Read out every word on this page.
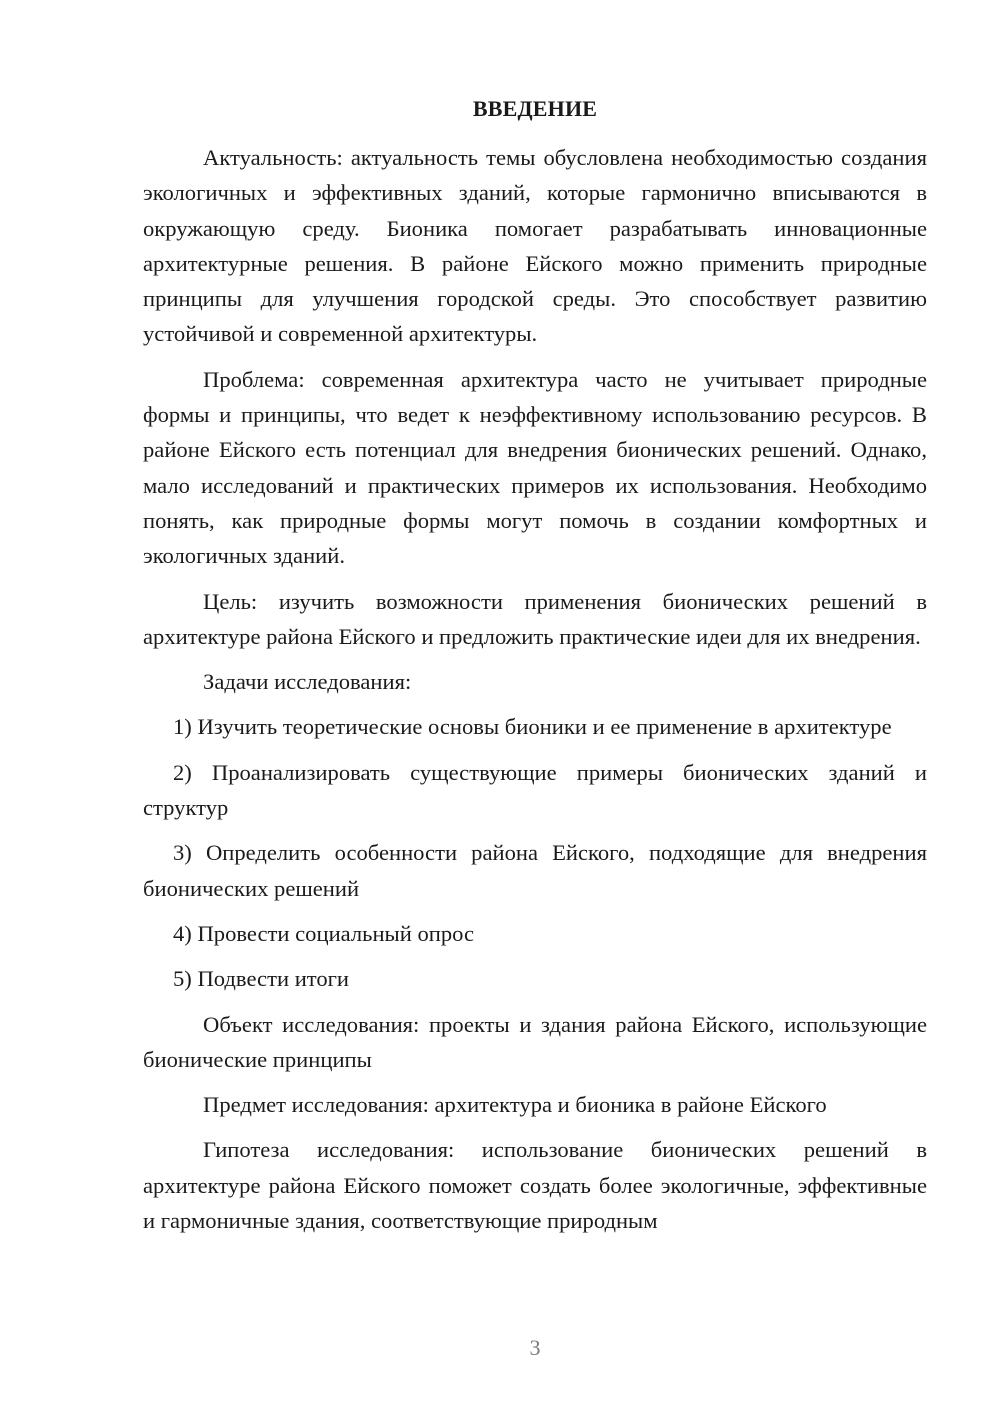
ВВЕДЕНИЕ

Актуальность: актуальность темы обусловлена необходимостью создания экологичных и эффективных зданий, которые гармонично вписываются в окружающую среду. Бионика помогает разрабатывать инновационные архитектурные решения. В районе Ейского можно применить природные принципы для улучшения городской среды. Это способствует развитию устойчивой и современной архитектуры.

Проблема: современная архитектура часто не учитывает природные формы и принципы, что ведет к неэффективному использованию ресурсов. В районе Ейского есть потенциал для внедрения бионических решений. Однако, мало исследований и практических примеров их использования. Необходимо понять, как природные формы могут помочь в создании комфортных и экологичных зданий.

Цель: изучить возможности применения бионических решений в архитектуре района Ейского и предложить практические идеи для их внедрения.

Задачи исследования:

1) Изучить теоретические основы бионики и ее применение в архитектуре

2) Проанализировать существующие примеры бионических зданий и структур

3) Определить особенности района Ейского, подходящие для внедрения бионических решений

4) Провести социальный опрос

5) Подвести итоги

Объект исследования: проекты и здания района Ейского, использующие бионические принципы

Предмет исследования: архитектура и бионика в районе Ейского

Гипотеза исследования: использование бионических решений в архитектуре района Ейского поможет создать более экологичные, эффективные и гармоничные здания, соответствующие природным

3
